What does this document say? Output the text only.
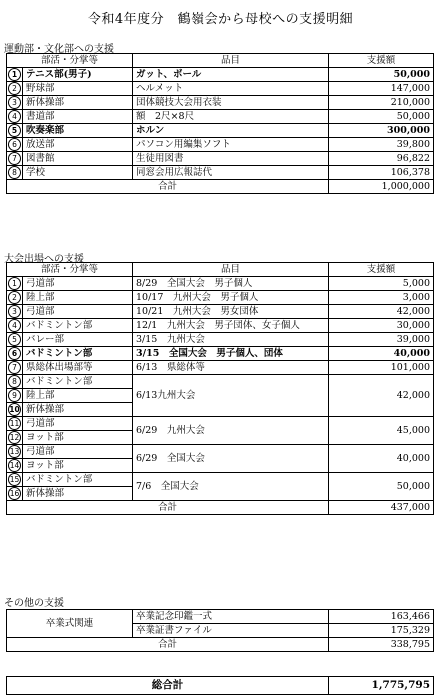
令和4年度分　鶴嶺会から母校への支援明細
運動部・文化部への支援
部活・分掌等		品目	支援額
1	テニス部(男子)	ガット、ボール	50,000
2	野球部	ヘルメット	147,000
3	新体操部	団体競技大会用衣装	210,000
4	書道部	額　2尺×8尺	50,000
5	吹奏楽部	ホルン	300,000
6	放送部	パソコン用編集ソフト	39,800
7	図書館	生徒用図書	96,822
8	学校	同窓会用広報誌代	106,378
合計			1,000,000
大会出場への支援
部活・分掌等		品目	支援額
1	弓道部	8/29　全国大会　男子個人	5,000
2	陸上部	10/17　九州大会　男子個人	3,000
3	弓道部	10/21　九州大会　男女団体	42,000
4	バドミントン部	12/1　九州大会　男子団体、女子個人	30,000
5	バレー部	3/15　九州大会	39,000
6	バドミントン部	3/15　全国大会　男子個人、団体	40,000
7	県総体出場部等	6/13　県総体等	101,000
8	バドミントン部	6/13九州大会	42,000
9	陸上部		
10	新体操部		
11	弓道部	6/29　九州大会	45,000
12	ヨット部		
13	弓道部	6/29　全国大会	40,000
14	ヨット部		
15	バドミントン部	7/6　全国大会	50,000
16	新体操部		
合計			437,000
その他の支援
卒業式関連	卒業記念印鑑一式	163,466
	卒業証書ファイル	175,329
合計		338,795
総合計	1,775,795
